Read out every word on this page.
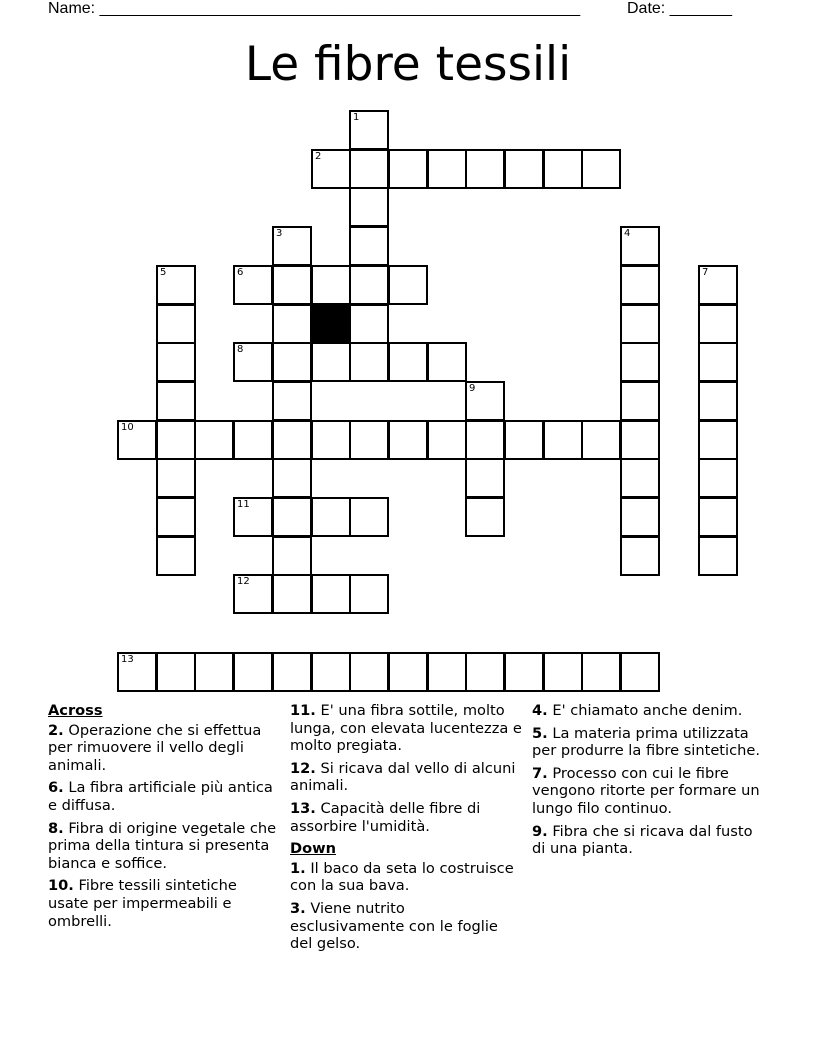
Name: ______________________________________________________	Date: _______
Le fibre tessili
1
2
3	4
5	6	7
8
9
10
11
12
13
Across
2. Operazione che si effettua per rimuovere il vello degli animali.
6. La fibra artificiale più antica e diffusa.
8. Fibra di origine vegetale che prima della tintura si presenta bianca e soffice.
10. Fibre tessili sintetiche usate per impermeabili e ombrelli.
11. E' una fibra sottile, molto lunga, con elevata lucentezza e molto pregiata.
12. Si ricava dal vello di alcuni animali.
13. Capacità delle fibre di assorbire l'umidità.
Down
1. Il baco da seta lo costruisce con la sua bava.
3. Viene nutrito esclusivamente con le foglie del gelso.
4. E' chiamato anche denim.
5. La materia prima utilizzata per produrre la fibre sintetiche.
7. Processo con cui le fibre vengono ritorte per formare un lungo filo continuo.
9. Fibra che si ricava dal fusto di una pianta.
